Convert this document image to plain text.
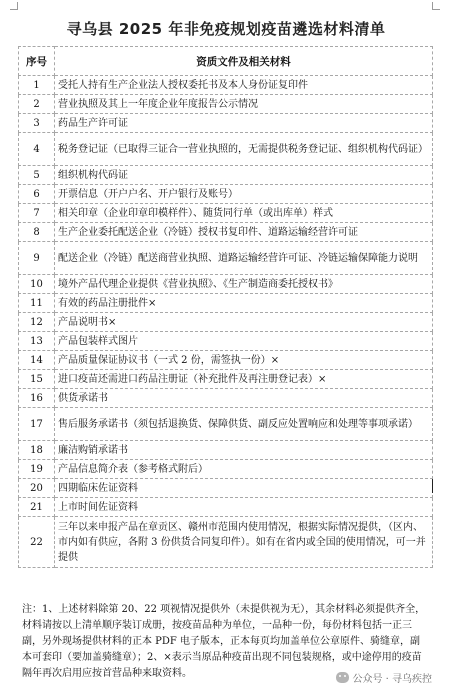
寻乌县 2025 年非免疫规划疫苗遴选材料清单
序号	资质文件及相关材料
1	受托人持有生产企业法人授权委托书及本人身份证复印件
2	营业执照及其上一年度企业年度报告公示情况
3	药品生产许可证
4	税务登记证（已取得三证合一营业执照的，无需提供税务登记证、组织机构代码证）
5	组织机构代码证
6	开票信息（开户户名、开户银行及账号）
7	相关印章（企业印章印模样件）、随货同行单（或出库单）样式
8	生产企业委托配送企业（冷链）授权书复印件、道路运输经营许可证
9	配送企业（冷链）配送商营业执照、道路运输经营许可证、冷链运输保障能力说明
10	境外产品代理企业提供《营业执照》、《生产制造商委托授权书》
11	有效的药品注册批件×
12	产品说明书×
13	产品包装样式图片
14	产品质量保证协议书（一式 2 份，需签执一份）×
15	进口疫苗还需进口药品注册证（补充批件及再注册登记表）×
16	供货承诺书
17	售后服务承诺书（须包括退换货、保障供货、副反应处置响应和处理等事项承诺）
18	廉洁购销承诺书
19	产品信息简介表（参考格式附后）
20	四期临床佐证资料
21	上市时间佐证资料
22	三年以来申报产品在章贡区、赣州市范围内使用情况，根据实际情况提供，（区内、市内如有供应，各附 3 份供货合同复印件）。如有在省内或全国的使用情况，可一并提供
注：1、上述材料除第 20、22 项视情况提供外（未提供视为无），其余材料必须提供齐全，材料请按以上清单顺序装订成册，按疫苗品种为单位，一品种一份，每份材料包括一正三副，另外现场提供材料的正本 PDF 电子版本，正本每页均加盖单位公章原件、骑缝章，副本可套印（要加盖骑缝章）；2、×表示当原品种疫苗出现不同包装规格，或中途停用的疫苗隔年再次启用应按首营品种来取资料。
公众号 · 寻乌疾控
